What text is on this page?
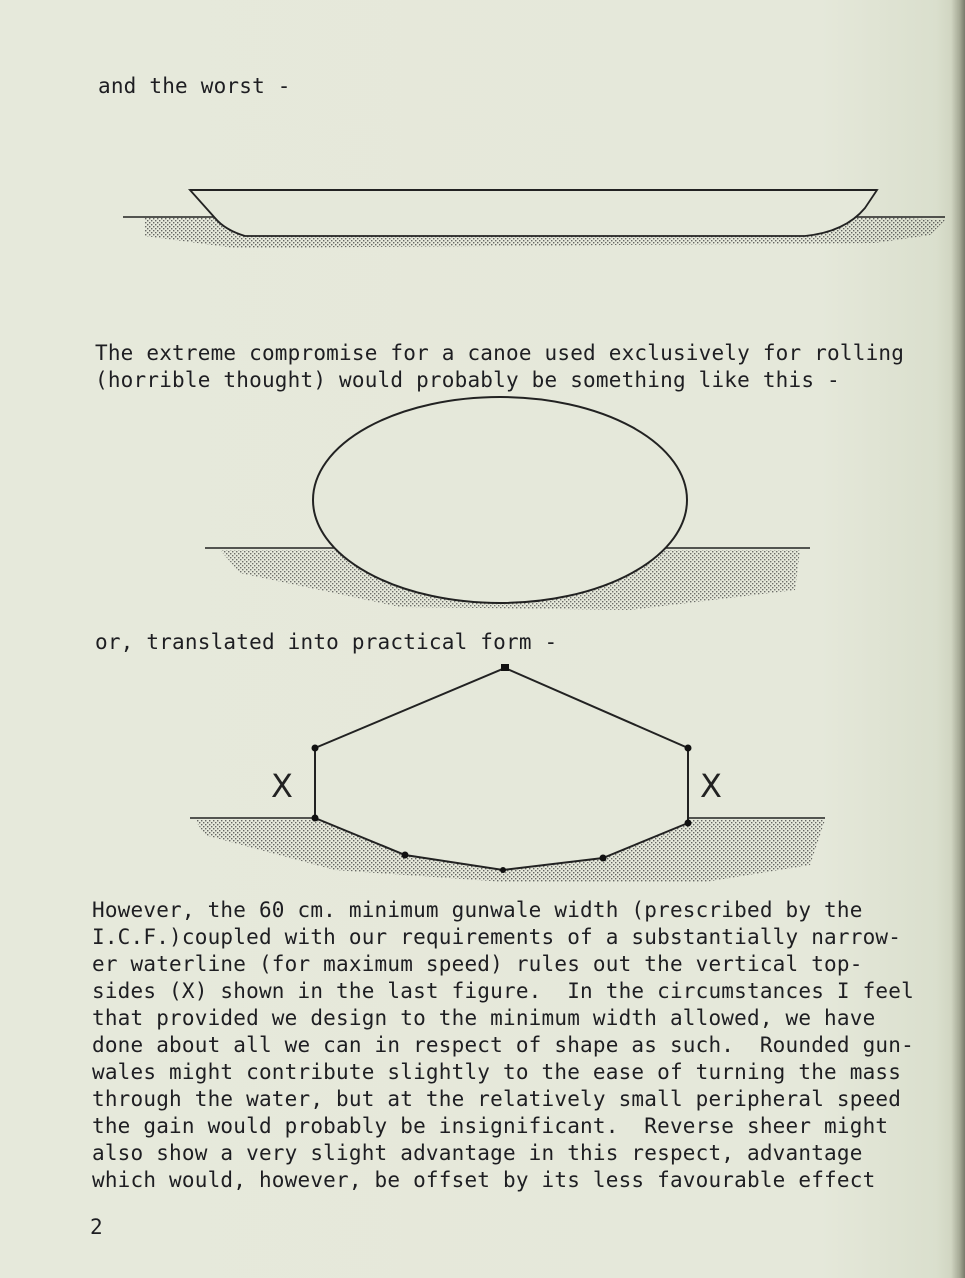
and the worst -
The extreme compromise for a canoe used exclusively for rolling
(horrible thought) would probably be something like this -
or, translated into practical form -
X	X
However, the 60 cm. minimum gunwale width (prescribed by the
I.C.F.)coupled with our requirements of a substantially narrow-
er waterline (for maximum speed) rules out the vertical top-
sides (X) shown in the last figure.  In the circumstances I feel
that provided we design to the minimum width allowed, we have
done about all we can in respect of shape as such.  Rounded gun-
wales might contribute slightly to the ease of turning the mass
through the water, but at the relatively small peripheral speed
the gain would probably be insignificant.  Reverse sheer might
also show a very slight advantage in this respect, advantage
which would, however, be offset by its less favourable effect
2
